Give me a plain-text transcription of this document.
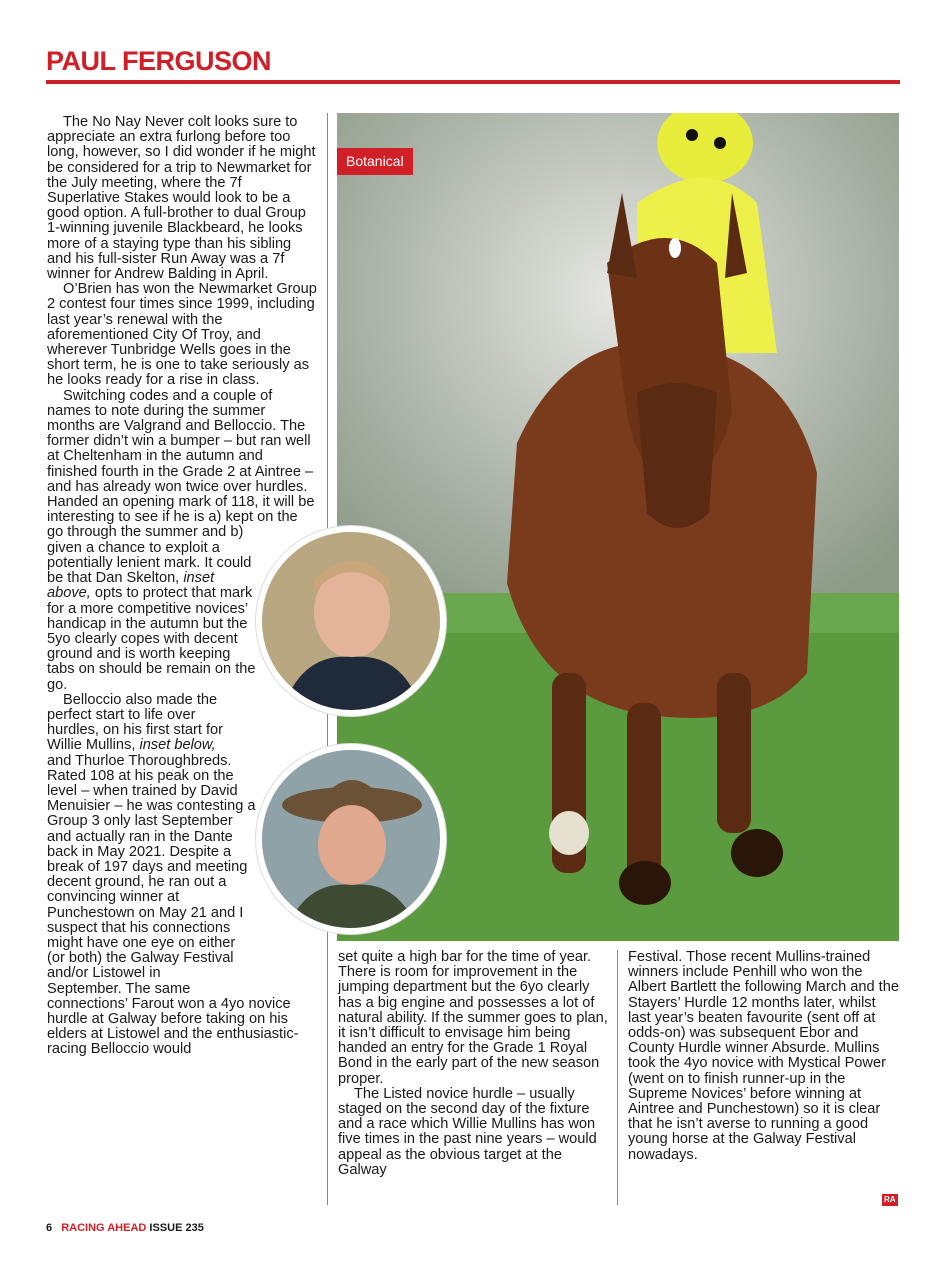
PAUL FERGUSON

The No Nay Never colt looks sure to appreciate an extra furlong before too long, however, so I did wonder if he might be considered for a trip to Newmarket for the July meeting, where the 7f Superlative Stakes would look to be a good option. A full-brother to dual Group 1-winning juvenile Blackbeard, he looks more of a staying type than his sibling and his full-sister Run Away was a 7f winner for Andrew Balding in April.

O’Brien has won the Newmarket Group 2 contest four times since 1999, including last year’s renewal with the aforementioned City Of Troy, and wherever Tunbridge Wells goes in the short term, he is one to take seriously as he looks ready for a rise in class.

Switching codes and a couple of names to note during the summer months are Valgrand and Belloccio. The former didn’t win a bumper – but ran well at Cheltenham in the autumn and finished fourth in the Grade 2 at Aintree – and has already won twice over hurdles. Handed an opening mark of 118, it will be interesting to see if he is a) kept on the go through the summer and b) given a chance to exploit a potentially lenient mark. It could be that Dan Skelton, inset above, opts to protect that mark for a more competitive novices’ handicap in the autumn but the 5yo clearly copes with decent ground and is worth keeping tabs on should be remain on the go.

Belloccio also made the perfect start to life over hurdles, on his first start for Willie Mullins, inset below, and Thurloe Thoroughbreds. Rated 108 at his peak on the level – when trained by David Menuisier – he was contesting a Group 3 only last September and actually ran in the Dante back in May 2021. Despite a break of 197 days and meeting decent ground, he ran out a convincing winner at Punchestown on May 21 and I suspect that his connections might have one eye on either (or both) the Galway Festival and/or Listowel in September. The same connections’ Farout won a 4yo novice hurdle at Galway before taking on his elders at Listowel and the enthusiastic-racing Belloccio would

Botanical

set quite a high bar for the time of year. There is room for improvement in the jumping department but the 6yo clearly has a big engine and possesses a lot of natural ability. If the summer goes to plan, it isn’t difficult to envisage him being handed an entry for the Grade 1 Royal Bond in the early part of the new season proper.

The Listed novice hurdle – usually staged on the second day of the fixture and a race which Willie Mullins has won five times in the past nine years – would appeal as the obvious target at the Galway

Festival. Those recent Mullins-trained winners include Penhill who won the Albert Bartlett the following March and the Stayers’ Hurdle 12 months later, whilst last year’s beaten favourite (sent off at odds-on) was subsequent Ebor and County Hurdle winner Absurde. Mullins took the 4yo novice with Mystical Power (went on to finish runner-up in the Supreme Novices’ before winning at Aintree and Punchestown) so it is clear that he isn’t averse to running a good young horse at the Galway Festival nowadays.

RA
6 RACING AHEAD ISSUE 235
